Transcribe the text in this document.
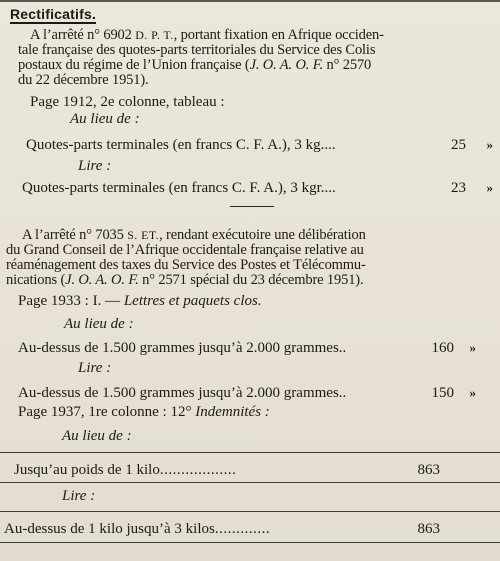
Rectificatifs.
A l’arrêté n° 6902 D. P. T., portant fixation en Afrique occiden-
tale française des quotes-parts territoriales du Service des Colis
postaux du régime de l’Union française (J. O. A. O. F. n° 2570
du 22 décembre 1951).
Page 1912, 2e colonne, tableau :
Au lieu de :
Quotes-parts terminales (en francs C. F. A.), 3 kg....	25 »
Lire :
Quotes-parts terminales (en francs C. F. A.), 3 kgr....	23 »
A l’arrêté n° 7035 S. ET., rendant exécutoire une délibération
du Grand Conseil de l’Afrique occidentale française relative au
réaménagement des taxes du Service des Postes et Télécommu-
nications (J. O. A. O. F. n° 2571 spécial du 23 décembre 1951).
Page 1933 : I. — Lettres et paquets clos.
Au lieu de :
Au-dessus de 1.500 grammes jusqu’à 2.000 grammes..	160 »
Lire :
Au-dessus de 1.500 grammes jusqu’à 2.000 grammes..	150 »
Page 1937, 1re colonne : 12° Indemnités :
Au lieu de :
Jusqu’au poids de 1 kilo ..................	863
Lire :
Au-dessus de 1 kilo jusqu’à 3 kilos .............	863
